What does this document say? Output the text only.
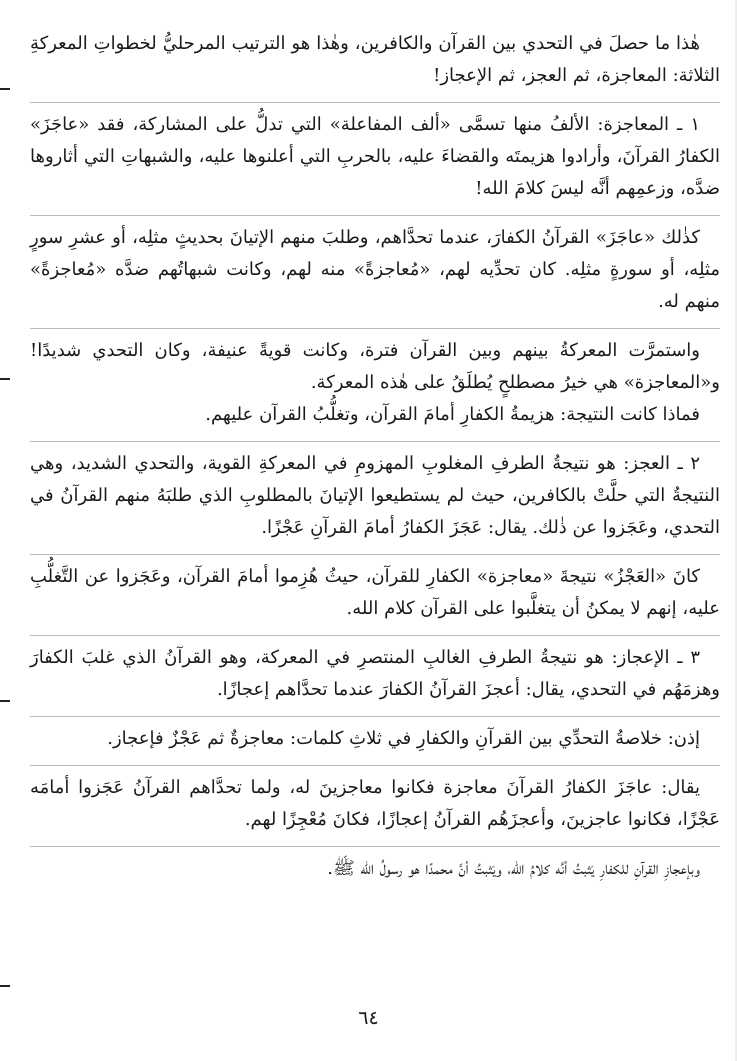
هٰذا ما حصلَ في التحدي بين القرآن والكافرين، وهٰذا هو الترتيب المرحليُّ لخطواتِ المعركةِ الثلاثة: المعاجزة، ثم العجز، ثم الإعجاز!

١ ـ المعاجزة: الألفُ منها تسمَّى «ألف المفاعلة» التي تدلُّ على المشاركة، فقد «عاجَزَ» الكفارُ القرآنَ، وأرادوا هزيمتَه والقضاءَ عليه، بالحربِ التي أعلنوها عليه، والشبهاتِ التي أثاروها ضدَّه، وزعمِهم أنَّه ليسَ كلامَ الله!

كذٰلك «عاجَزَ» القرآنُ الكفارَ، عندما تحدَّاهم، وطلبَ منهم الإتيانَ بحديثٍ مثلِه، أو عشرِ سورٍ مثلِه، أو سورةٍ مثلِه. كان تحدِّيه لهم، «مُعاجزةً» منه لهم، وكانت شبهاتُهم ضدَّه «مُعاجزةً» منهم له.

واستمرَّت المعركةُ بينهم وبين القرآن فترة، وكانت قويةً عنيفة، وكان التحدي شديدًا! و«المعاجزة» هي خيرُ مصطلحٍ يُطلَقُ على هٰذه المعركة.

فماذا كانت النتيجة: هزيمةُ الكفارِ أمامَ القرآن، وتغلُّبُ القرآن عليهم.

٢ ـ العجز: هو نتيجةُ الطرفِ المغلوبِ المهزومِ في المعركةِ القوية، والتحدي الشديد، وهي النتيجةُ التي حلَّتْ بالكافرين، حيث لم يستطيعوا الإتيانَ بالمطلوبِ الذي طلبَهُ منهم القرآنُ في التحدي، وعَجَزوا عن ذٰلك. يقال: عَجَزَ الكفارُ أمامَ القرآنِ عَجْزًا.

كانَ «العَجْزُ» نتيجةَ «معاجزة» الكفارِ للقرآن، حيثُ هُزِموا أمامَ القرآن، وعَجَزوا عن التَّغلُّبِ عليه، إنهم لا يمكنُ أن يتغلَّبوا على القرآن كلام الله.

٣ ـ الإعجاز: هو نتيجةُ الطرفِ الغالبِ المنتصرِ في المعركة، وهو القرآنُ الذي غلبَ الكفارَ وهزمَهُم في التحدي، يقال: أعجزَ القرآنُ الكفارَ عندما تحدَّاهم إعجازًا.

إذن: خلاصةُ التحدِّي بين القرآنِ والكفارِ في ثلاثِ كلمات: معاجزةٌ ثم عَجْزٌ فإعجاز.

يقال: عاجَزَ الكفارُ القرآنَ معاجزة فكانوا معاجزينَ له، ولما تحدَّاهم القرآنُ عَجَزوا أمامَه عَجْزًا، فكانوا عاجزينَ، وأعجزَهُم القرآنُ إعجازًا، فكانَ مُعْجِزًا لهم.

وبإعجازِ القرآنِ للكفارِ يَثبتُ أنَّه كلامُ الله، ويَثبتُ أنَّ محمدًا هو رسولُ الله ﷺ.

٦٤
